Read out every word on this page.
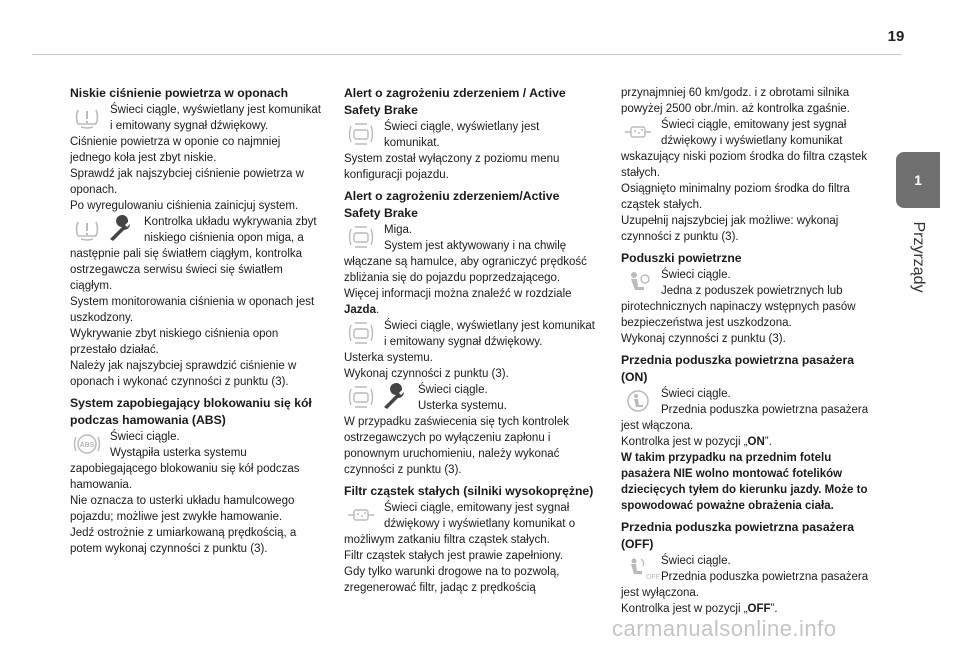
19
1
Przyrządy

Niskie ciśnienie powietrza w oponach

Świeci ciągle, wyświetlany jest komunikat i emitowany sygnał dźwiękowy.

Ciśnienie powietrza w oponie co najmniej jednego koła jest zbyt niskie.

Sprawdź jak najszybciej ciśnienie powietrza w oponach.

Po wyregulowaniu ciśnienia zainicjuj system.

Kontrolka układu wykrywania zbyt niskiego ciśnienia opon miga, a następnie pali się światłem ciągłym, kontrolka ostrzegawcza serwisu świeci się światłem ciągłym.

System monitorowania ciśnienia w oponach jest uszkodzony.

Wykrywanie zbyt niskiego ciśnienia opon przestało działać.

Należy jak najszybciej sprawdzić ciśnienie w oponach i wykonać czynności z punktu (3).

System zapobiegający blokowaniu się kół podczas hamowania (ABS)

ABS

Świeci ciągle.

Wystąpiła usterka systemu zapobiegającego blokowaniu się kół podczas hamowania.

Nie oznacza to usterki układu hamulcowego pojazdu; możliwe jest zwykłe hamowanie.

Jedź ostrożnie z umiarkowaną prędkością, a potem wykonaj czynności z punktu (3).

Alert o zagrożeniu zderzeniem / Active Safety Brake

Świeci ciągle, wyświetlany jest komunikat.

System został wyłączony z poziomu menu konfiguracji pojazdu.

Alert o zagrożeniu zderzeniem/Active Safety Brake

Miga.

System jest aktywowany i na chwilę włączane są hamulce, aby ograniczyć prędkość zbliżania się do pojazdu poprzedzającego.

Więcej informacji można znaleźć w rozdziale Jazda.

Świeci ciągle, wyświetlany jest komunikat i emitowany sygnał dźwiękowy.

Usterka systemu.

Wykonaj czynności z punktu (3).

Świeci ciągle.

Usterka systemu.

W przypadku zaświecenia się tych kontrolek ostrzegawczych po wyłączeniu zapłonu i ponownym uruchomieniu, należy wykonać czynności z punktu (3).

Filtr cząstek stałych (silniki wysokoprężne)

Świeci ciągle, emitowany jest sygnał dźwiękowy i wyświetlany komunikat o możliwym zatkaniu filtra cząstek stałych.

Filtr cząstek stałych jest prawie zapełniony.

Gdy tylko warunki drogowe na to pozwolą, zregenerować filtr, jadąc z prędkością

przynajmniej 60 km/godz. i z obrotami silnika powyżej 2500 obr./min. aż kontrolka zgaśnie.

Świeci ciągle, emitowany jest sygnał dźwiękowy i wyświetlany komunikat wskazujący niski poziom środka do filtra cząstek stałych.

Osiągnięto minimalny poziom środka do filtra cząstek stałych.

Uzupełnij najszybciej jak możliwe: wykonaj czynności z punktu (3).

Poduszki powietrzne

Świeci ciągle.

Jedna z poduszek powietrznych lub pirotechnicznych napinaczy wstępnych pasów bezpieczeństwa jest uszkodzona.

Wykonaj czynności z punktu (3).

Przednia poduszka powietrzna pasażera (ON)

Świeci ciągle.

Przednia poduszka powietrzna pasażera jest włączona.

Kontrolka jest w pozycji „ON”.

W takim przypadku na przednim fotelu pasażera NIE wolno montować fotelików dziecięcych tyłem do kierunku jazdy. Może to spowodować poważne obrażenia ciała.

Przednia poduszka powietrzna pasażera (OFF)

OFF

Świeci ciągle.

Przednia poduszka powietrzna pasażera jest wyłączona.

Kontrolka jest w pozycji „OFF”.

carmanualsonline.info
